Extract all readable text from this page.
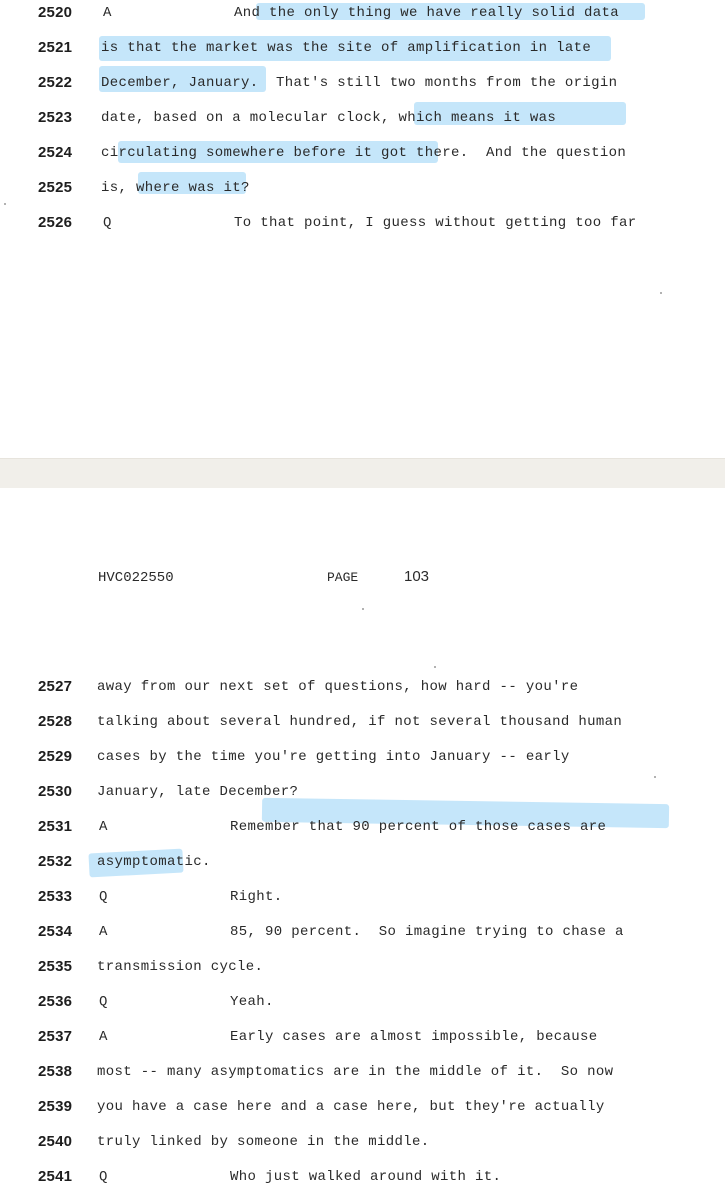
2520 A	And the only thing we have really solid data
2521 is that the market was the site of amplification in late
2522 December, January.  That's still two months from the origin
2523 date, based on a molecular clock, which means it was
2524 circulating somewhere before it got there.  And the question
2525 is, where was it?
2526 Q	To that point, I guess without getting too far
HVC022550	PAGE	103
2527 away from our next set of questions, how hard -- you're
2528 talking about several hundred, if not several thousand human
2529 cases by the time you're getting into January -- early
2530 January, late December?
2531 A	Remember that 90 percent of those cases are
2532 asymptomatic.
2533 Q	Right.
2534 A	85, 90 percent.  So imagine trying to chase a
2535 transmission cycle.
2536 Q	Yeah.
2537 A	Early cases are almost impossible, because
2538 most -- many asymptomatics are in the middle of it.  So now
2539 you have a case here and a case here, but they're actually
2540 truly linked by someone in the middle.
2541 Q	Who just walked around with it.
